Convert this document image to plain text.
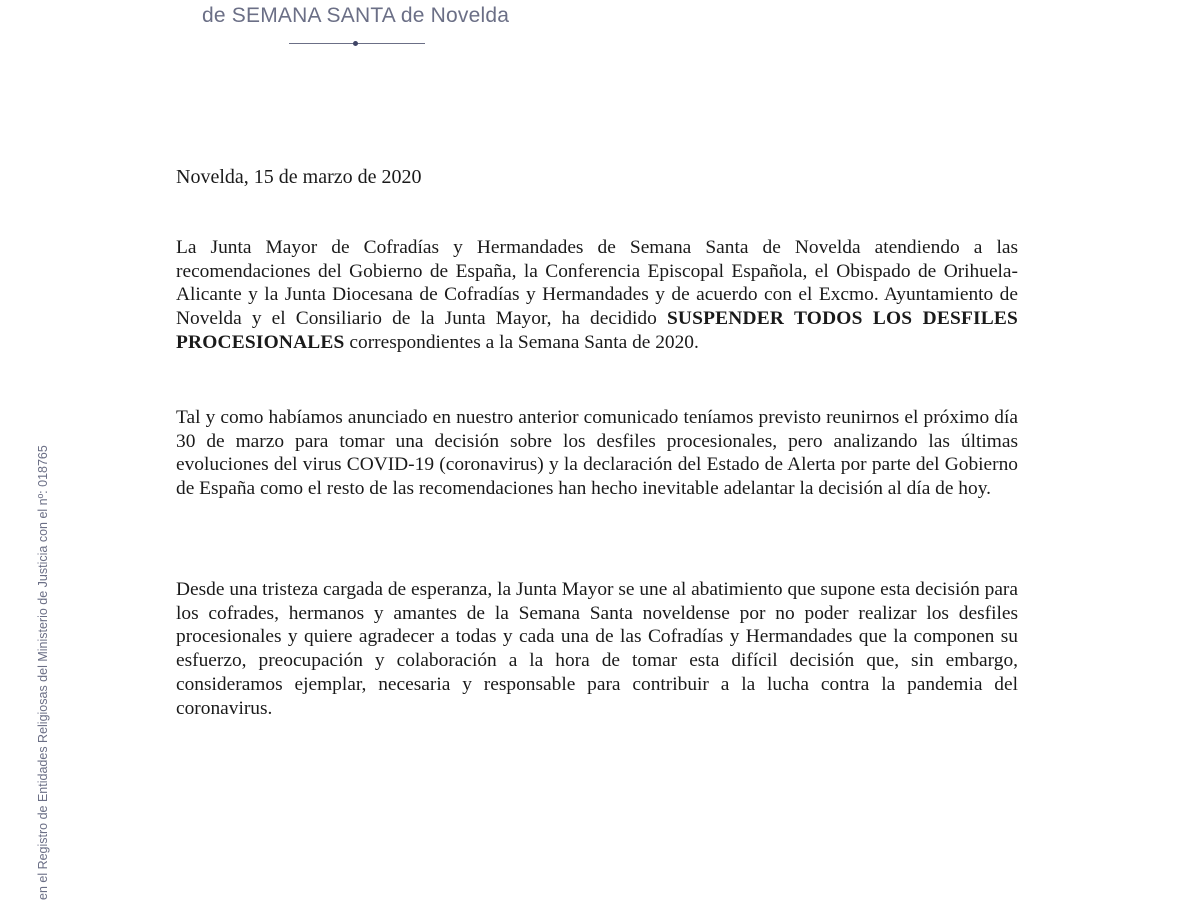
de SEMANA SANTA de Novelda
en el Registro de Entidades Religiosas del Ministerio de Justicia con el nº: 018765
Novelda, 15 de marzo de 2020
La Junta Mayor de Cofradías y Hermandades de Semana Santa de Novelda atendiendo a las recomendaciones del Gobierno de España, la Conferencia Episcopal Española, el Obispado de Orihuela-Alicante y la Junta Diocesana de Cofradías y Hermandades y de acuerdo con el Excmo. Ayuntamiento de Novelda y el Consiliario de la Junta Mayor, ha decidido SUSPENDER TODOS LOS DESFILES PROCESIONALES correspondientes a la Semana Santa de 2020.
Tal y como habíamos anunciado en nuestro anterior comunicado teníamos previsto reunirnos el próximo día 30 de marzo para tomar una decisión sobre los desfiles procesionales, pero analizando las últimas evoluciones del virus COVID-19 (coronavirus) y la declaración del Estado de Alerta por parte del Gobierno de España como el resto de las recomendaciones han hecho inevitable adelantar la decisión al día de hoy.
Desde una tristeza cargada de esperanza, la Junta Mayor se une al abatimiento que supone esta decisión para los cofrades, hermanos y amantes de la Semana Santa noveldense por no poder realizar los desfiles procesionales y quiere agradecer a todas y cada una de las Cofradías y Hermandades que la componen su esfuerzo, preocupación y colaboración a la hora de tomar esta difícil decisión que, sin embargo, consideramos ejemplar, necesaria y responsable para contribuir a la lucha contra la pandemia del coronavirus.
